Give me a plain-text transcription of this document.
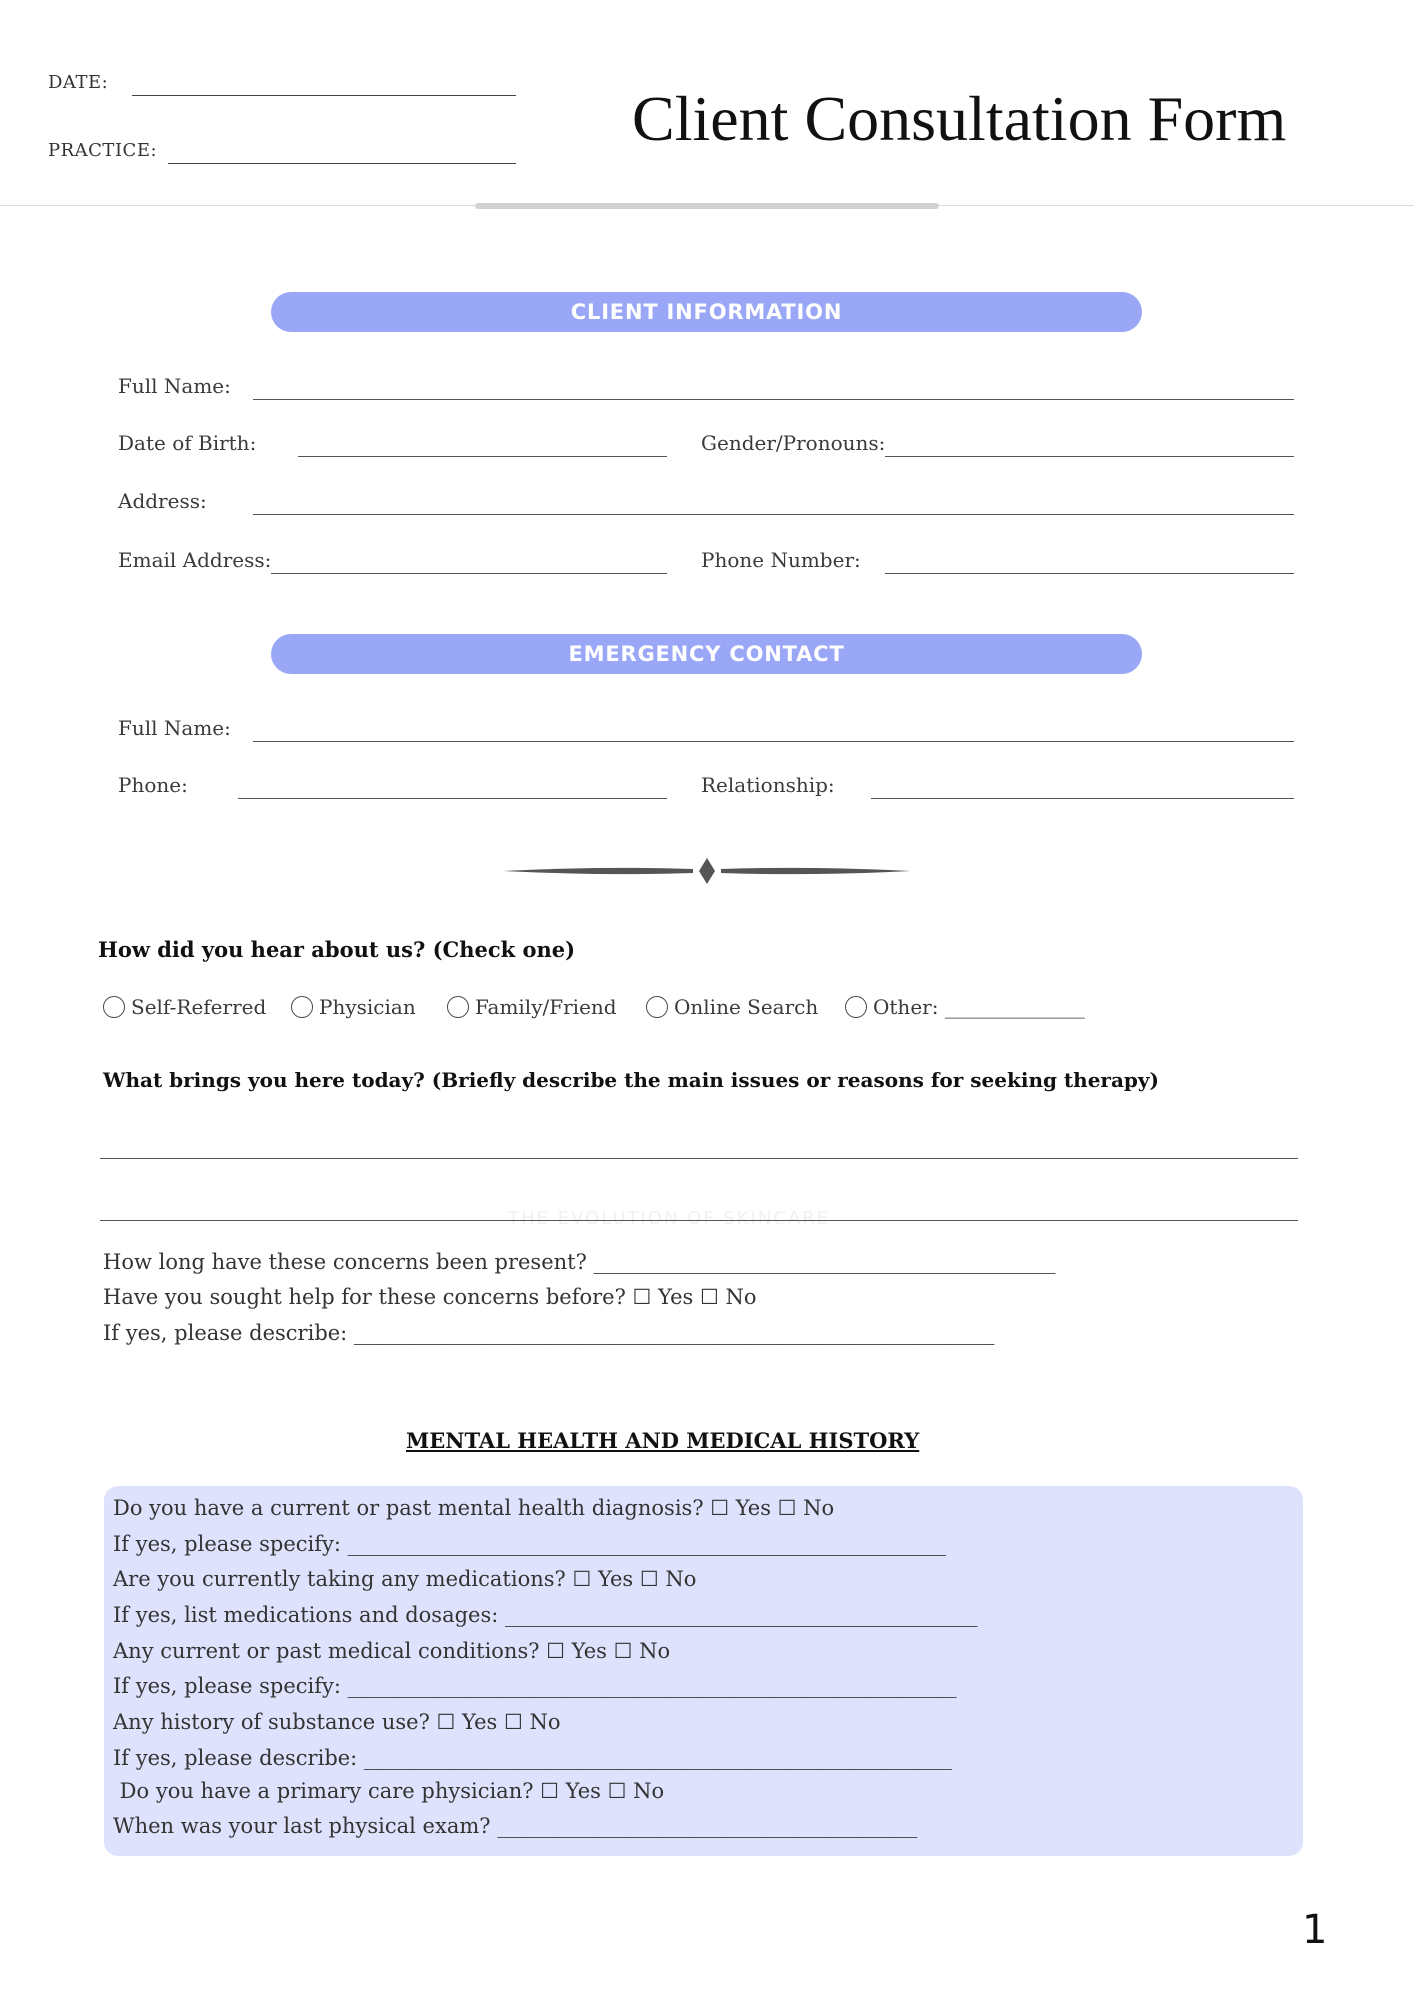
DATE:
PRACTICE:	Client Consultation Form
CLIENT INFORMATION
Full Name:
Date of Birth:	Gender/Pronouns:
Address:
Email Address:	Phone Number:
EMERGENCY CONTACT
Full Name:
Phone:	Relationship:
How did you hear about us? (Check one)
Self-Referred	Physician	Family/Friend	Online Search	Other: ______________
What brings you here today? (Briefly describe the main issues or reasons for seeking therapy)
THE EVOLUTION OF SKINCARE
How long have these concerns been present? ____________________________________________
Have you sought help for these concerns before? ☐ Yes ☐ No
If yes, please describe: _____________________________________________________________
MENTAL HEALTH AND MEDICAL HISTORY
Do you have a current or past mental health diagnosis? ☐ Yes ☐ No
If yes, please specify: _________________________________________________________
Are you currently taking any medications? ☐ Yes ☐ No
If yes, list medications and dosages: _____________________________________________
Any current or past medical conditions? ☐ Yes ☐ No
If yes, please specify: __________________________________________________________
Any history of substance use? ☐ Yes ☐ No
If yes, please describe: ________________________________________________________
Do you have a primary care physician? ☐ Yes ☐ No
When was your last physical exam? ________________________________________
1
